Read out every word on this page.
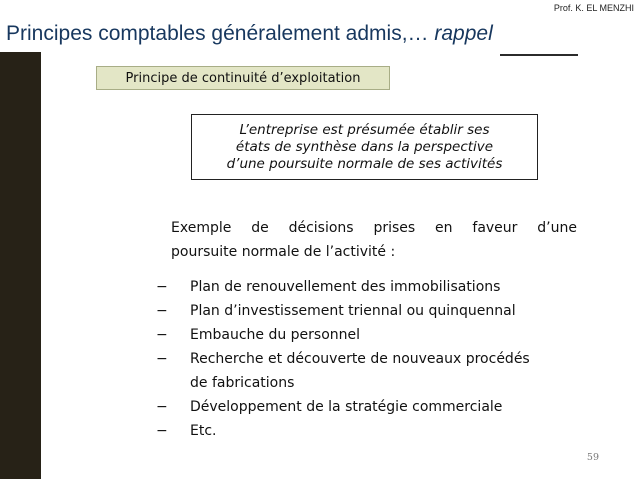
Prof. K. EL MENZHI
Principes comptables généralement admis,… rappel
Principe de continuité d’exploitation
L’entreprise est présumée établir ses
états de synthèse dans la perspective
d’une poursuite normale de ses activités
Exemple de décisions prises en faveur d’une
poursuite normale de l’activité :
− Plan de renouvellement des immobilisations
− Plan d’investissement triennal ou quinquennal
− Embauche du personnel
− Recherche et découverte de nouveaux procédés
de fabrications
− Développement de la stratégie commerciale
− Etc.
59
